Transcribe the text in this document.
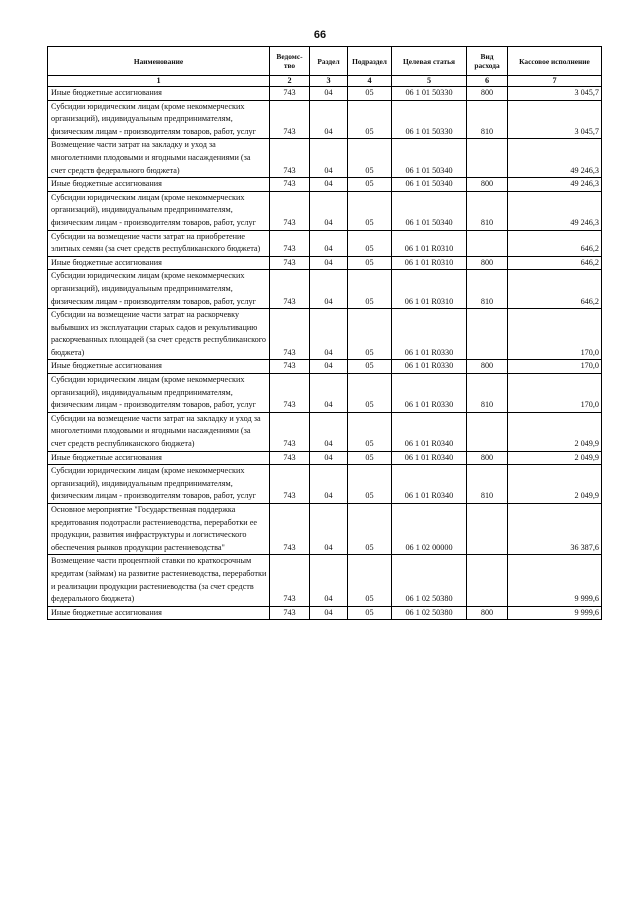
66
Наименование	Ведомс-тво	Раздел	Подраздел	Целевая статья	Вид расхода	Кассовое исполнение
1	2	3	4	5	6	7
Иные бюджетные ассигнования	743	04	05	06 1 01 50330	800	3 045,7
Субсидии юридическим лицам (кроме некоммерческих организаций), индивидуальным предпринимателям, физическим лицам - производителям товаров, работ, услуг	743	04	05	06 1 01 50330	810	3 045,7
Возмещение части затрат на закладку и уход за многолетними плодовыми и ягодными насаждениями (за счет средств федерального бюджета)	743	04	05	06 1 01 50340		49 246,3
Иные бюджетные ассигнования	743	04	05	06 1 01 50340	800	49 246,3
Субсидии юридическим лицам (кроме некоммерческих организаций), индивидуальным предпринимателям, физическим лицам - производителям товаров, работ, услуг	743	04	05	06 1 01 50340	810	49 246,3
Субсидии на возмещение части затрат на приобретение элитных семян (за счет средств республиканского бюджета)	743	04	05	06 1 01 R0310		646,2
Иные бюджетные ассигнования	743	04	05	06 1 01 R0310	800	646,2
Субсидии юридическим лицам (кроме некоммерческих организаций), индивидуальным предпринимателям, физическим лицам - производителям товаров, работ, услуг	743	04	05	06 1 01 R0310	810	646,2
Субсидии на возмещение части затрат на раскорчевку выбывших из эксплуатации старых садов и рекультивацию раскорчеванных площадей (за счет средств республиканского бюджета)	743	04	05	06 1 01 R0330		170,0
Иные бюджетные ассигнования	743	04	05	06 1 01 R0330	800	170,0
Субсидии юридическим лицам (кроме некоммерческих организаций), индивидуальным предпринимателям, физическим лицам - производителям товаров, работ, услуг	743	04	05	06 1 01 R0330	810	170,0
Субсидии на возмещение части затрат на закладку и уход за многолетними плодовыми и ягодными насаждениями (за счет средств республиканского бюджета)	743	04	05	06 1 01 R0340		2 049,9
Иные бюджетные ассигнования	743	04	05	06 1 01 R0340	800	2 049,9
Субсидии юридическим лицам (кроме некоммерческих организаций), индивидуальным предпринимателям, физическим лицам - производителям товаров, работ, услуг	743	04	05	06 1 01 R0340	810	2 049,9
Основное мероприятие "Государственная поддержка кредитования подотрасли растениеводства, переработки ее продукции, развития инфраструктуры и логистического обеспечения рынков продукции растениеводства"	743	04	05	06 1 02 00000		36 387,6
Возмещение части процентной ставки по краткосрочным кредитам (займам) на развитие растениеводства, переработки и реализации продукции растениеводства (за счет средств федерального бюджета)	743	04	05	06 1 02 50380		9 999,6
Иные бюджетные ассигнования	743	04	05	06 1 02 50380	800	9 999,6
